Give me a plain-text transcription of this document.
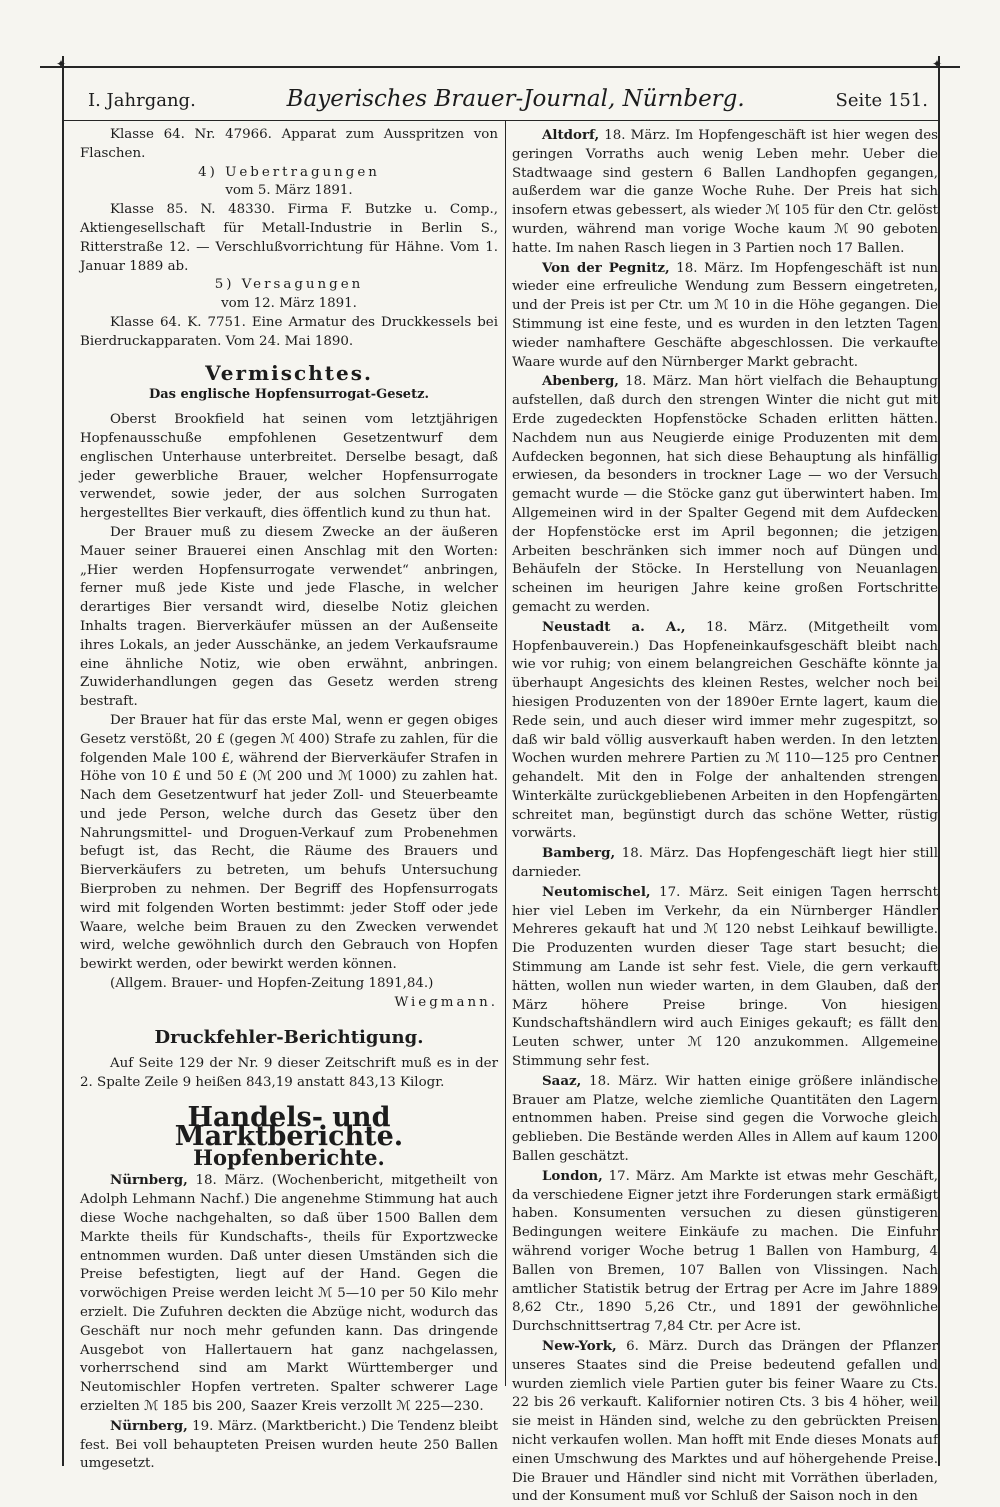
✦	✦
I. Jahrgang.	Bayerisches Brauer-Journal, Nürnberg.	Seite 151.

Klasse 64. Nr. 47966. Apparat zum Ausspritzen von Flaschen.

4) Uebertragungen

vom 5. März 1891.

Klasse 85. N. 48330. Firma F. Butzke u. Comp., Aktiengesellschaft für Metall-Industrie in Berlin S., Ritterstraße 12. — Verschlußvorrichtung für Hähne. Vom 1. Januar 1889 ab.

5) Versagungen

vom 12. März 1891.

Klasse 64. K. 7751. Eine Armatur des Druckkessels bei Bierdruckapparaten. Vom 24. Mai 1890.

Vermischtes.
Das englische Hopfensurrogat-Gesetz.

Oberst Brookfield hat seinen vom letztjährigen Hopfenausschuße empfohlenen Gesetzentwurf dem englischen Unterhause unterbreitet. Derselbe besagt, daß jeder gewerbliche Brauer, welcher Hopfensurrogate verwendet, sowie jeder, der aus solchen Surrogaten hergestelltes Bier verkauft, dies öffentlich kund zu thun hat.

Der Brauer muß zu diesem Zwecke an der äußeren Mauer seiner Brauerei einen Anschlag mit den Worten: „Hier werden Hopfensurrogate verwendet“ anbringen, ferner muß jede Kiste und jede Flasche, in welcher derartiges Bier versandt wird, dieselbe Notiz gleichen Inhalts tragen. Bierverkäufer müssen an der Außenseite ihres Lokals, an jeder Ausschänke, an jedem Verkaufsraume eine ähnliche Notiz, wie oben erwähnt, anbringen. Zuwiderhandlungen gegen das Gesetz werden streng bestraft.

Der Brauer hat für das erste Mal, wenn er gegen obiges Gesetz verstößt, 20 £ (gegen ℳ 400) Strafe zu zahlen, für die folgenden Male 100 £, während der Bierverkäufer Strafen in Höhe von 10 £ und 50 £ (ℳ 200 und ℳ 1000) zu zahlen hat. Nach dem Gesetzentwurf hat jeder Zoll- und Steuerbeamte und jede Person, welche durch das Gesetz über den Nahrungsmittel- und Droguen-Verkauf zum Probenehmen befugt ist, das Recht, die Räume des Brauers und Bierverkäufers zu betreten, um behufs Untersuchung Bierproben zu nehmen. Der Begriff des Hopfensurrogats wird mit folgenden Worten bestimmt: jeder Stoff oder jede Waare, welche beim Brauen zu den Zwecken verwendet wird, welche gewöhnlich durch den Gebrauch von Hopfen bewirkt werden, oder bewirkt werden können.

(Allgem. Brauer- und Hopfen-Zeitung 1891,84.)

Wiegmann.

Druckfehler-Berichtigung.

Auf Seite 129 der Nr. 9 dieser Zeitschrift muß es in der 2. Spalte Zeile 9 heißen 843,19 anstatt 843,13 Kilogr.

Handels- und Marktberichte.
Hopfenberichte.

Nürnberg, 18. März. (Wochenbericht, mitgetheilt von Adolph Lehmann Nachf.) Die angenehme Stimmung hat auch diese Woche nachgehalten, so daß über 1500 Ballen dem Markte theils für Kundschafts-, theils für Exportzwecke entnommen wurden. Daß unter diesen Umständen sich die Preise befestigten, liegt auf der Hand. Gegen die vorwöchigen Preise werden leicht ℳ 5—10 per 50 Kilo mehr erzielt. Die Zufuhren deckten die Abzüge nicht, wodurch das Geschäft nur noch mehr gefunden kann. Das dringende Ausgebot von Hallertauern hat ganz nachgelassen, vorherrschend sind am Markt Württemberger und Neutomischler Hopfen vertreten. Spalter schwerer Lage erzielten ℳ 185 bis 200, Saazer Kreis verzollt ℳ 225—230.

Nürnberg, 19. März. (Marktbericht.) Die Tendenz bleibt fest. Bei voll behaupteten Preisen wurden heute 250 Ballen umgesetzt.

Altdorf, 18. März. Im Hopfengeschäft ist hier wegen des geringen Vorraths auch wenig Leben mehr. Ueber die Stadtwaage sind gestern 6 Ballen Landhopfen gegangen, außerdem war die ganze Woche Ruhe. Der Preis hat sich insofern etwas gebessert, als wieder ℳ 105 für den Ctr. gelöst wurden, während man vorige Woche kaum ℳ 90 geboten hatte. Im nahen Rasch liegen in 3 Partien noch 17 Ballen.

Von der Pegnitz, 18. März. Im Hopfengeschäft ist nun wieder eine erfreuliche Wendung zum Bessern eingetreten, und der Preis ist per Ctr. um ℳ 10 in die Höhe gegangen. Die Stimmung ist eine feste, und es wurden in den letzten Tagen wieder namhaftere Geschäfte abgeschlossen. Die verkaufte Waare wurde auf den Nürnberger Markt gebracht.

Abenberg, 18. März. Man hört vielfach die Behauptung aufstellen, daß durch den strengen Winter die nicht gut mit Erde zugedeckten Hopfenstöcke Schaden erlitten hätten. Nachdem nun aus Neugierde einige Produzenten mit dem Aufdecken begonnen, hat sich diese Behauptung als hinfällig erwiesen, da besonders in trockner Lage — wo der Versuch gemacht wurde — die Stöcke ganz gut überwintert haben. Im Allgemeinen wird in der Spalter Gegend mit dem Aufdecken der Hopfenstöcke erst im April begonnen; die jetzigen Arbeiten beschränken sich immer noch auf Düngen und Behäufeln der Stöcke. In Herstellung von Neuanlagen scheinen im heurigen Jahre keine großen Fortschritte gemacht zu werden.

Neustadt a. A., 18. März. (Mitgetheilt vom Hopfenbauverein.) Das Hopfeneinkaufsgeschäft bleibt nach wie vor ruhig; von einem belangreichen Geschäfte könnte ja überhaupt Angesichts des kleinen Restes, welcher noch bei hiesigen Produzenten von der 1890er Ernte lagert, kaum die Rede sein, und auch dieser wird immer mehr zugespitzt, so daß wir bald völlig ausverkauft haben werden. In den letzten Wochen wurden mehrere Partien zu ℳ 110—125 pro Centner gehandelt. Mit den in Folge der anhaltenden strengen Winterkälte zurückgebliebenen Arbeiten in den Hopfengärten schreitet man, begünstigt durch das schöne Wetter, rüstig vorwärts.

Bamberg, 18. März. Das Hopfengeschäft liegt hier still darnieder.

Neutomischel, 17. März. Seit einigen Tagen herrscht hier viel Leben im Verkehr, da ein Nürnberger Händler Mehreres gekauft hat und ℳ 120 nebst Leihkauf bewilligte. Die Produzenten wurden dieser Tage start besucht; die Stimmung am Lande ist sehr fest. Viele, die gern verkauft hätten, wollen nun wieder warten, in dem Glauben, daß der März höhere Preise bringe. Von hiesigen Kundschaftshändlern wird auch Einiges gekauft; es fällt den Leuten schwer, unter ℳ 120 anzukommen. Allgemeine Stimmung sehr fest.

Saaz, 18. März. Wir hatten einige größere inländische Brauer am Platze, welche ziemliche Quantitäten den Lagern entnommen haben. Preise sind gegen die Vorwoche gleich geblieben. Die Bestände werden Alles in Allem auf kaum 1200 Ballen geschätzt.

London, 17. März. Am Markte ist etwas mehr Geschäft, da verschiedene Eigner jetzt ihre Forderungen stark ermäßigt haben. Konsumenten versuchen zu diesen günstigeren Bedingungen weitere Einkäufe zu machen. Die Einfuhr während voriger Woche betrug 1 Ballen von Hamburg, 4 Ballen von Bremen, 107 Ballen von Vlissingen. Nach amtlicher Statistik betrug der Ertrag per Acre im Jahre 1889 8,62 Ctr., 1890 5,26 Ctr., und 1891 der gewöhnliche Durchschnittsertrag 7,84 Ctr. per Acre ist.

New-York, 6. März. Durch das Drängen der Pflanzer unseres Staates sind die Preise bedeutend gefallen und wurden ziemlich viele Partien guter bis feiner Waare zu Cts. 22 bis 26 verkauft. Kalifornier notiren Cts. 3 bis 4 höher, weil sie meist in Händen sind, welche zu den gebrückten Preisen nicht verkaufen wollen. Man hofft mit Ende dieses Monats auf einen Umschwung des Marktes und auf höhergehende Preise. Die Brauer und Händler sind nicht mit Vorräthen überladen, und der Konsument muß vor Schluß der Saison noch in den
